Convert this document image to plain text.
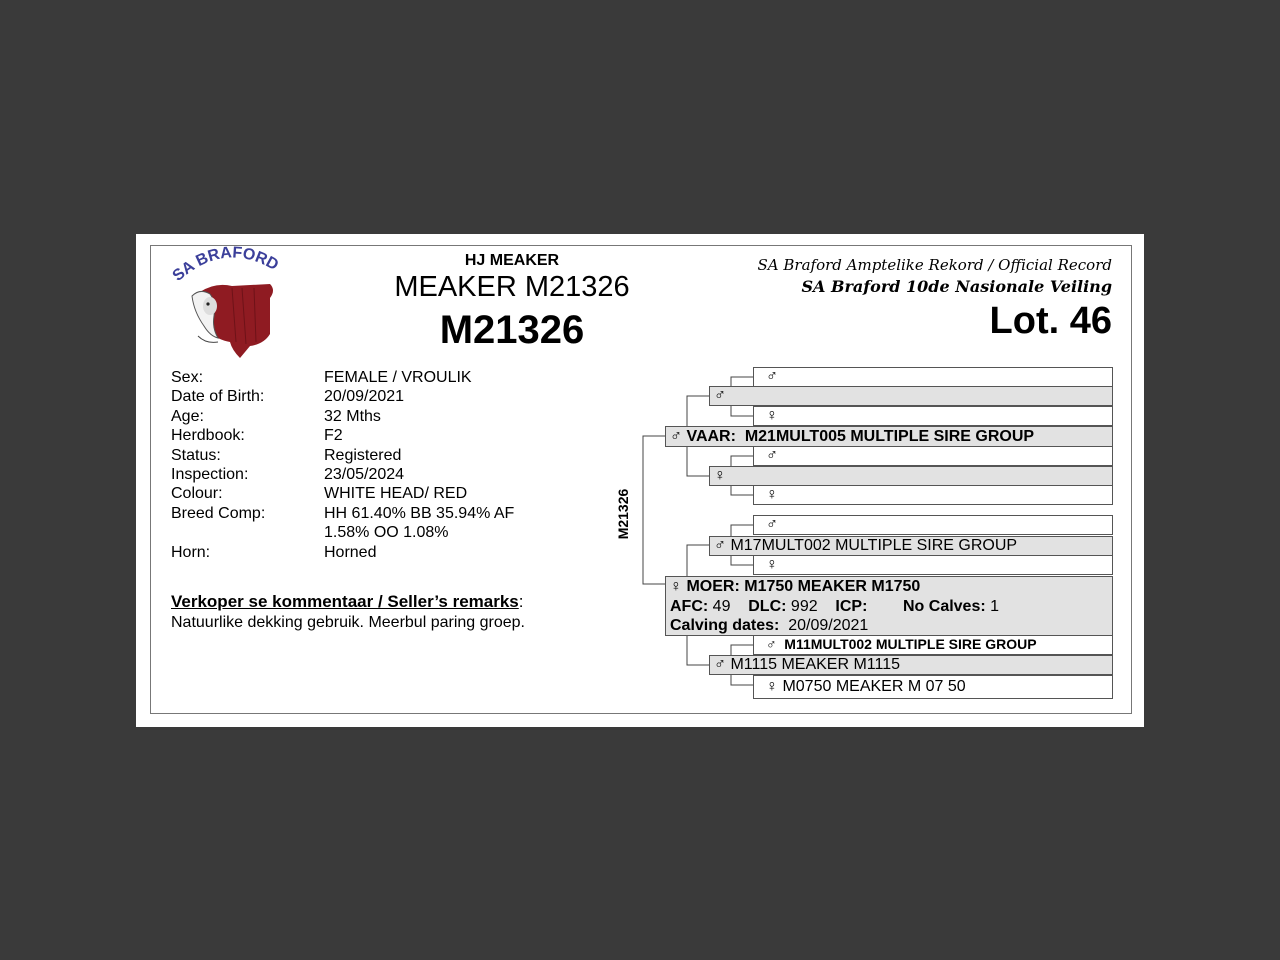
SA BRAFORD	HJ MEAKER
MEAKER M21326
M21326
SA Braford Amptelike Rekord / Official Record
SA Braford 10de Nasionale Veiling
Lot. 46
Sex:	FEMALE / VROULIK
Date of Birth:	20/09/2021
Age:	32 Mths
Herdbook:	F2
Status:	Registered
Inspection:	23/05/2024
Colour:	WHITE HEAD/ RED
Breed Comp:	HH 61.40% BB 35.94% AF
1.58% OO 1.08%
Horn:	Horned
Verkoper se kommentaar / Seller’s remarks:
Natuurlike dekking gebruik. Meerbul paring groep.
M21326
♂
♀
♂
♀
♂
♀
♂ M11MULT002 MULTIPLE SIRE GROUP
♀ M0750 MEAKER M 07 50
♂
♀
♂ M17MULT002 MULTIPLE SIRE GROUP
♂ M1115 MEAKER M1115
♂ VAAR: M21MULT005 MULTIPLE SIRE GROUP
♀ MOER: M1750 MEAKER M1750
AFC: 49 DLC: 992 ICP: No Calves: 1
Calving dates: 20/09/2021
